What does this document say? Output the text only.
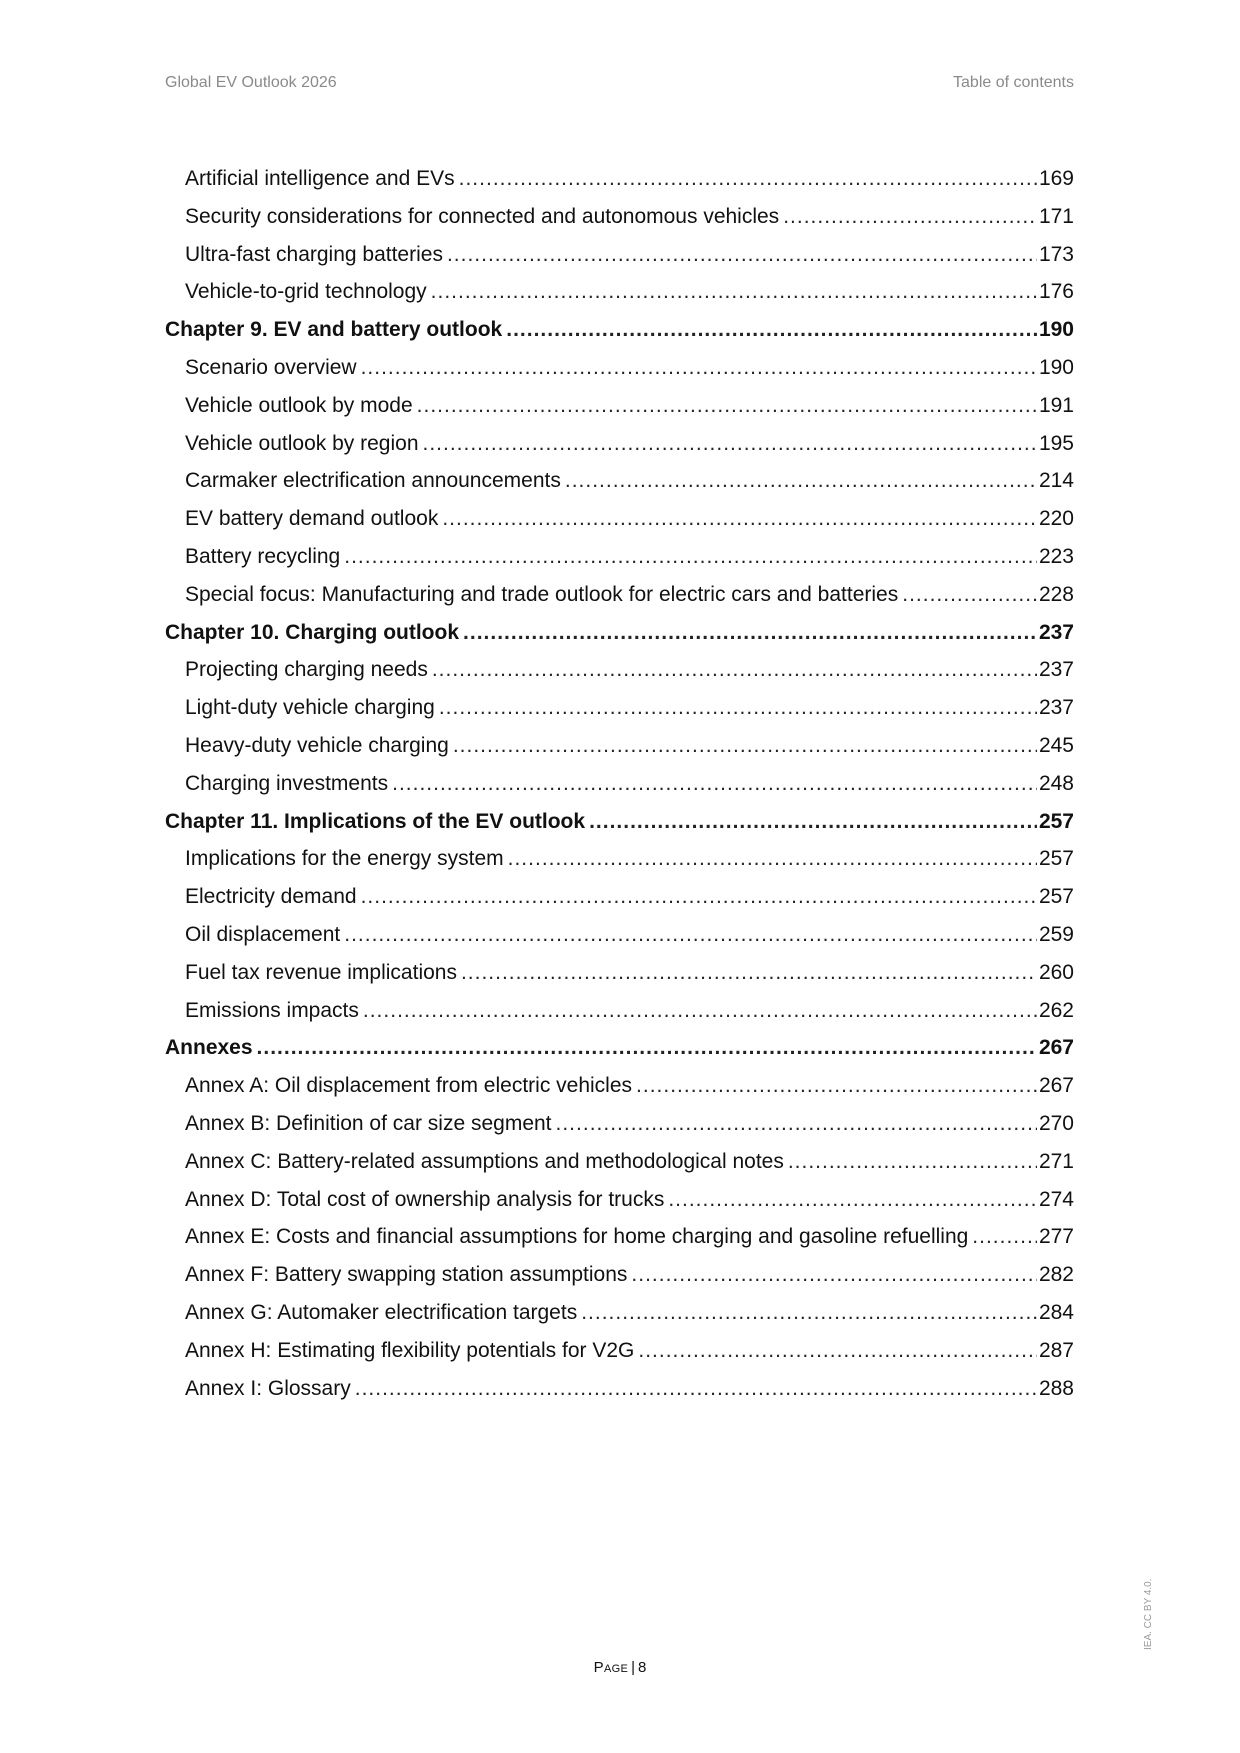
Global EV Outlook 2026	Table of contents
Artificial intelligence and EVs .....	169
Security considerations for connected and autonomous vehicles .....	171
Ultra-fast charging batteries .....	173
Vehicle-to-grid technology .....	176
Chapter 9. EV and battery outlook .....	190
Scenario overview .....	190
Vehicle outlook by mode .....	191
Vehicle outlook by region .....	195
Carmaker electrification announcements .....	214
EV battery demand outlook .....	220
Battery recycling .....	223
Special focus: Manufacturing and trade outlook for electric cars and batteries .....	228
Chapter 10. Charging outlook .....	237
Projecting charging needs .....	237
Light-duty vehicle charging .....	237
Heavy-duty vehicle charging .....	245
Charging investments .....	248
Chapter 11. Implications of the EV outlook .....	257
Implications for the energy system .....	257
Electricity demand .....	257
Oil displacement .....	259
Fuel tax revenue implications .....	260
Emissions impacts .....	262
Annexes .....	267
Annex A: Oil displacement from electric vehicles .....	267
Annex B: Definition of car size segment .....	270
Annex C: Battery-related assumptions and methodological notes .....	271
Annex D: Total cost of ownership analysis for trucks .....	274
Annex E: Costs and financial assumptions for home charging and gasoline refuelling .....	277
Annex F: Battery swapping station assumptions .....	282
Annex G: Automaker electrification targets .....	284
Annex H: Estimating flexibility potentials for V2G .....	287
Annex I: Glossary .....	288
Page | 8
IEA. CC BY 4.0.
